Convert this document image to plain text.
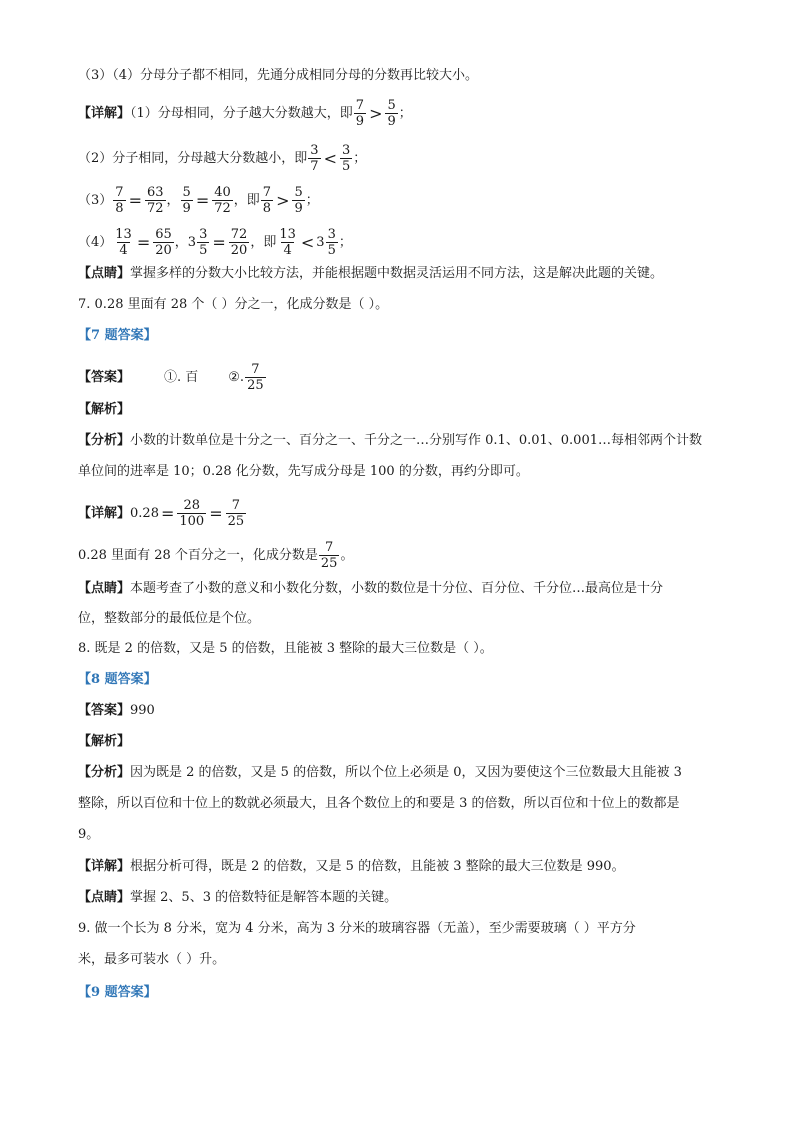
（3）（4）分母分子都不相同，先通分成相同分母的分数再比较大小。
【详解】（1）分母相同，分子越大分数越大，即 $\frac{7}{9} > \frac{5}{9}$ ；
（2）分子相同，分母越大分数越小，即 $\frac{3}{7} < \frac{3}{5}$ ；
$(3) \frac{7}{8} = \frac{63}{72}$ ， $\frac{5}{9} = \frac{40}{72}$ ，即 $\frac{7}{8} > \frac{5}{9}$ ；
$(4) \frac{13}{4} = \frac{65}{20}$ ，$3 \frac{3}{5} = \frac{72}{20}$ ，即 $\frac{13}{4} < 3 \frac{3}{5}$ ；
【点睛】掌握多样的分数大小比较方法，并能根据题中数据灵活运用不同方法，这是解决此题的关键。
7. 0.28 里面有 28 个（ ）分之一，化成分数是（ ）。
【7 题答案】
【答案】	①. 百 ②. $\frac{7}{25}$
【解析】
【分析】小数的计数单位是十分之一、百分之一、千分之一…分别写作 0.1、0.01、0.001…每相邻两个计数
单位间的进率是 10；0.28 化分数，先写成分母是 100 的分数，再约分即可。
【详解】$0.28 = \frac{28}{100} = \frac{7}{25}$
0.28 里面有 28 个百分之一，化成分数是 $\frac{7}{25}$ 。
【点睛】本题考查了小数的意义和小数化分数，小数的数位是十分位、百分位、千分位…最高位是十分
位，整数部分的最低位是个位。
8. 既是 2 的倍数，又是 5 的倍数，且能被 3 整除的最大三位数是（ ）。
【8 题答案】
【答案】990
【解析】
【分析】因为既是 2 的倍数，又是 5 的倍数，所以个位上必须是 0，又因为要使这个三位数最大且能被 3
整除，所以百位和十位上的数就必须最大，且各个数位上的和要是 3 的倍数，所以百位和十位上的数都是
9。
【详解】根据分析可得，既是 2 的倍数，又是 5 的倍数，且能被 3 整除的最大三位数是 990。
【点睛】掌握 2、5、3 的倍数特征是解答本题的关键。
9. 做一个长为 8 分米，宽为 4 分米，高为 3 分米的玻璃容器（无盖），至少需要玻璃（ ）平方分
米，最多可装水（ ）升。
【9 题答案】
